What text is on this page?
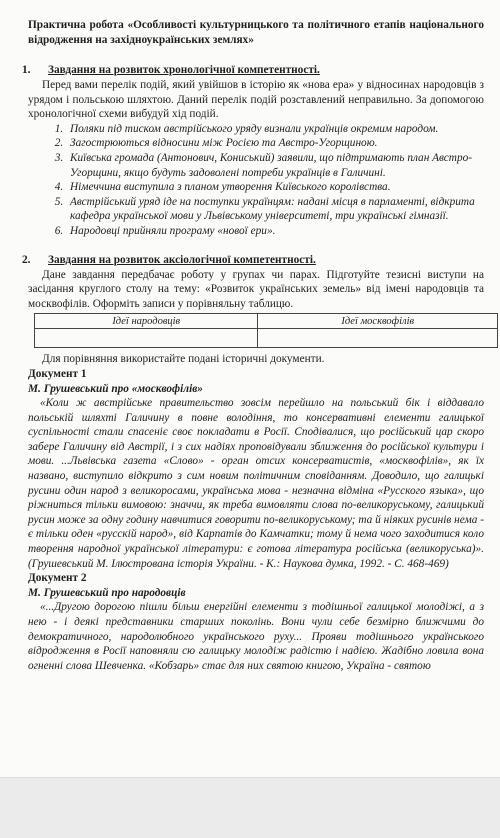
Практична робота «Особливості культурницького та політичного етапів національного відродження на західноукраїнських землях»

1.	Завдання на розвиток хронологічної компетентності.

Перед вами перелік подій, який увійшов в історію як «нова ера» у відносинах народовців з урядом і польською шляхтою. Даний перелік подій розставлений неправильно. За допомогою хронологічної схеми вибудуй хід подій.

1. Поляки під тиском австрійського уряду визнали українців окремим народом.
2. Загострюються відносини між Росією та Австро-Угорщиною.
3. Київська громада (Антонович, Кониський) заявили, що підтримають план Австро-Угорщини, якщо будуть задоволені потреби українців в Галичині.
4. Німеччина виступила з планом утворення Київського королівства.
5. Австрійський уряд іде на поступки українцям: надані місця в парламенті, відкрита кафедра української мови у Львівському університеті, три українські гімназії.
6. Народовці прийняли програму «нової ери».
2.	Завдання на розвиток аксіологічної компетентності.

Дане завдання передбачає роботу у групах чи парах. Підготуйте тезисні виступи на засідання круглого столу на тему: «Розвиток українських земель» від імені народовців та москвофілів. Оформіть записи у порівняльну таблицю.

Ідеї народовців	Ідеї москвофілів

Для порівняння використайте подані історичні документи.

Документ 1

М. Грушевський про «москвофілів»

«Коли ж австрійське правительство зовсім перейшло на польський бік і віддавало польській шляхті Галичину в повне володіння, то консервативні елементи галицької суспільності стали спасеніє своє покладати в Росії. Сподівалися, що російський цар скоро забере Галичину від Австрії, і з сих надіях проповідували зближення до російської культури і мови. ...Львівська газета «Слово» - орган отсих консерватистів, «москвофілів», як їх названо, виступило відкрито з сим новим політичним сповіданням. Доводило, що галицькі русини один народ з великоросами, українська мова - незначна відміна «Русского языка», що ріжниться тільки вимовою: значчи, як треба вимовляти слова по-великоруському, галицький русин може за одну годину навчитися говорити по-великоруському; та й ніяких русинів нема - є тільки оден «русскій народ», від Карпатів до Камчатки; тому й нема чого заходитися коло творення народної української літератури: є готова література російська (великоруська)». (Грушевський М. Ілюстрована історія України. - К.: Наукова думка, 1992. - С. 468-469)

Документ 2

М. Грушевський про народовців

«...Другою дорогою пішли більш енергійні елементи з тодішньої галицької молодіжі, а з нею - і деякі представники старших поколінь. Вони чули себе безмірно ближчими до демократичного, народолюбного українського руху... Прояви тодішнього українського відродження в Росії наповняли сю галицьку молодіж радістю і надією. Жадібно ловила вона огненні слова Шевченка. «Кобзарь» стає для них святою книгою, Україна - святою
